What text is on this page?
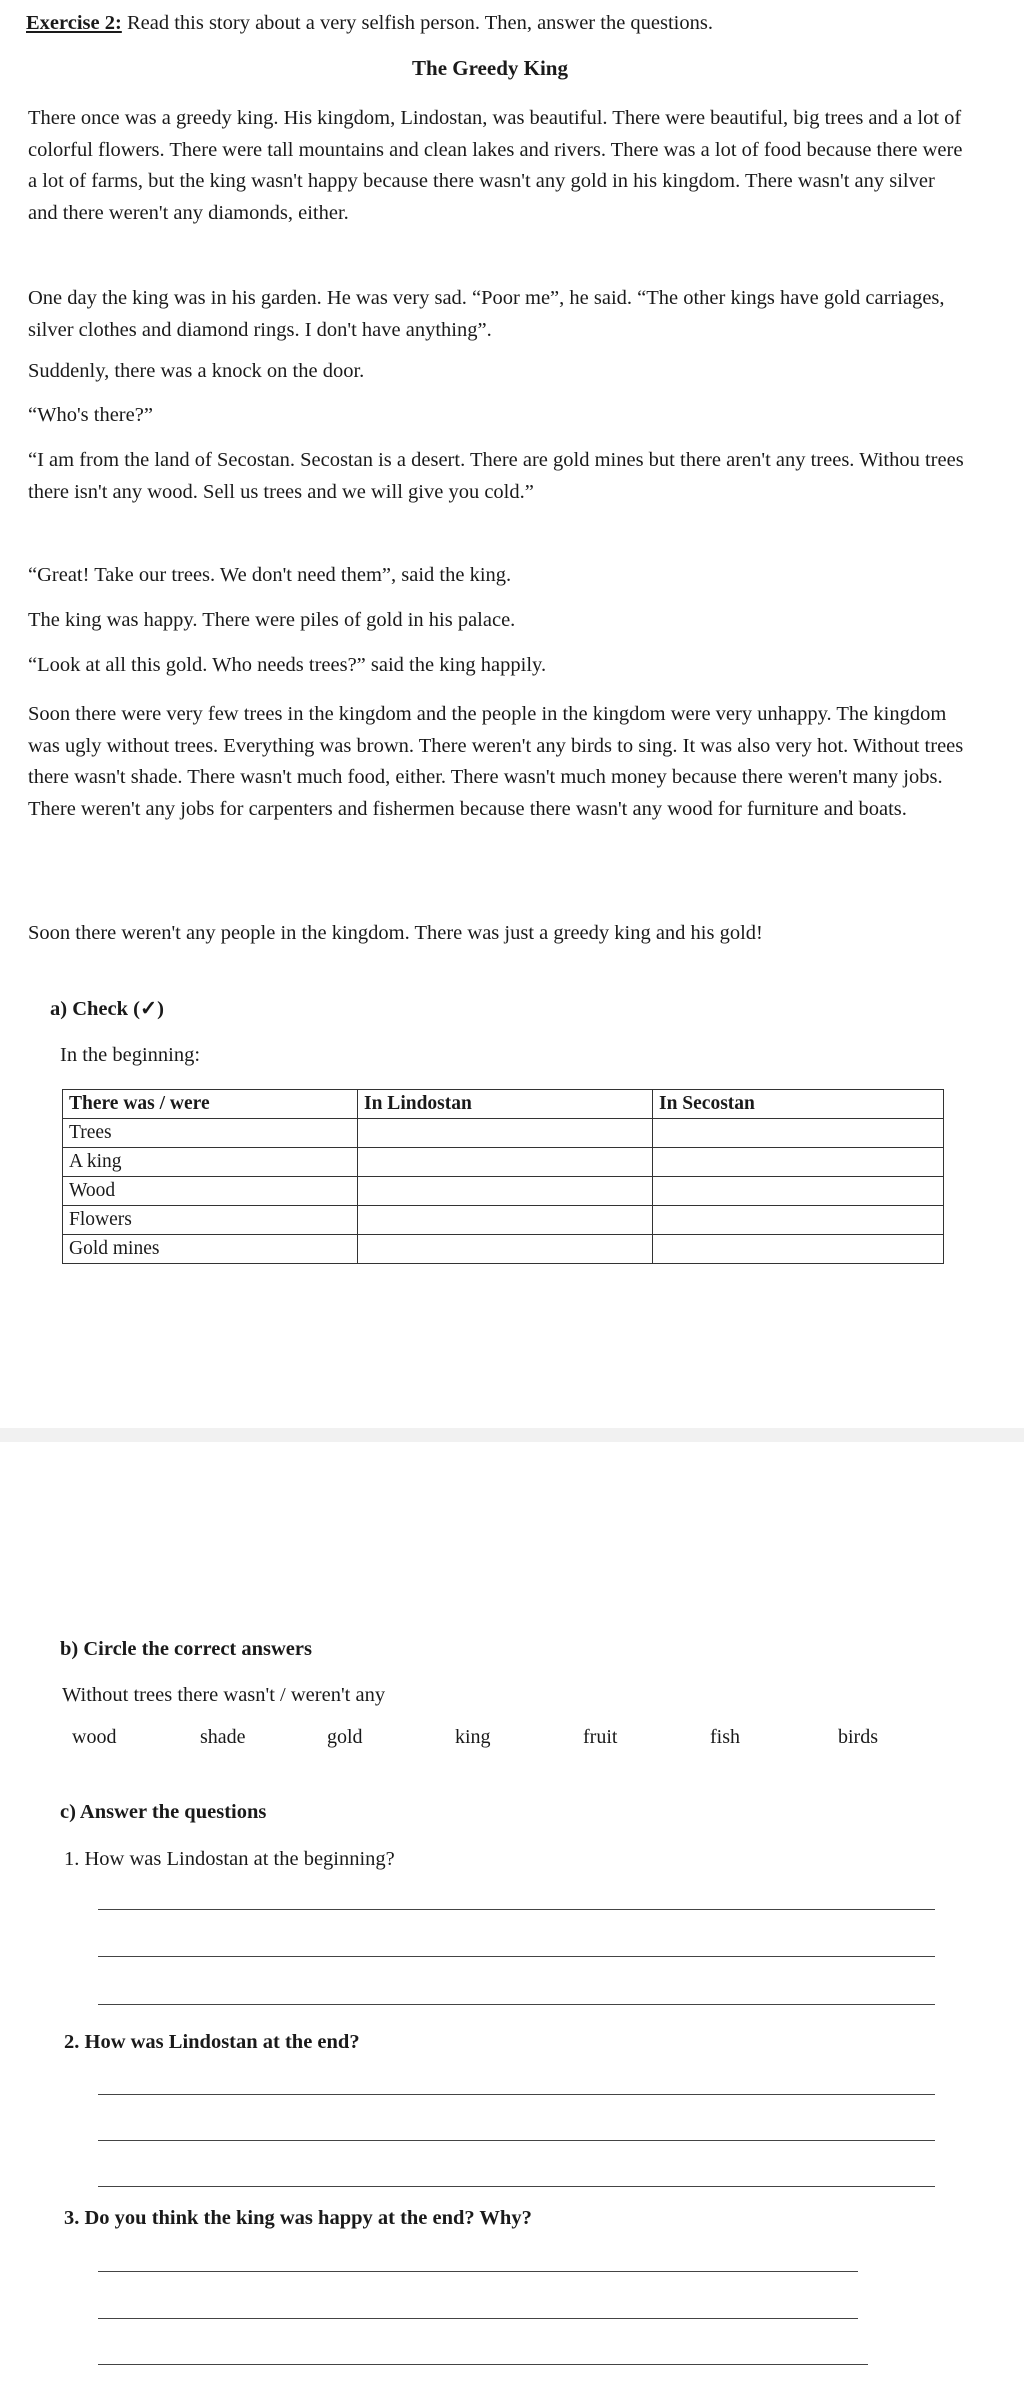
Exercise 2: Read this story about a very selfish person. Then, answer the questions.
The Greedy King
There once was a greedy king. His kingdom, Lindostan, was beautiful. There were beautiful, big trees and a lot of colorful flowers. There were tall mountains and clean lakes and rivers. There was a lot of food because there were a lot of farms, but the king wasn't happy because there wasn't any gold in his kingdom. There wasn't any silver and there weren't any diamonds, either.
One day the king was in his garden. He was very sad. “Poor me”, he said. “The other kings have gold carriages, silver clothes and diamond rings. I don't have anything”.
Suddenly, there was a knock on the door.
“Who's there?”
“I am from the land of Secostan. Secostan is a desert. There are gold mines but there aren't any trees. Withou trees there isn't any wood. Sell us trees and we will give you cold.”
“Great! Take our trees. We don't need them”, said the king.
The king was happy. There were piles of gold in his palace.
“Look at all this gold. Who needs trees?” said the king happily.
Soon there were very few trees in the kingdom and the people in the kingdom were very unhappy. The kingdom was ugly without trees. Everything was brown. There weren't any birds to sing. It was also very hot. Without trees there wasn't shade. There wasn't much food, either. There wasn't much money because there weren't many jobs. There weren't any jobs for carpenters and fishermen because there wasn't any wood for furniture and boats.
Soon there weren't any people in the kingdom. There was just a greedy king and his gold!
a) Check (✓)
In the beginning:
There was / were	In Lindostan	In Secostan
Trees		
A king		
Wood		
Flowers		
Gold mines		
b) Circle the correct answers
Without trees there wasn't / weren't any
wood	shade	gold	king	fruit	fish	birds
c) Answer the questions
1. How was Lindostan at the beginning?
2. How was Lindostan at the end?
3. Do you think the king was happy at the end? Why?
